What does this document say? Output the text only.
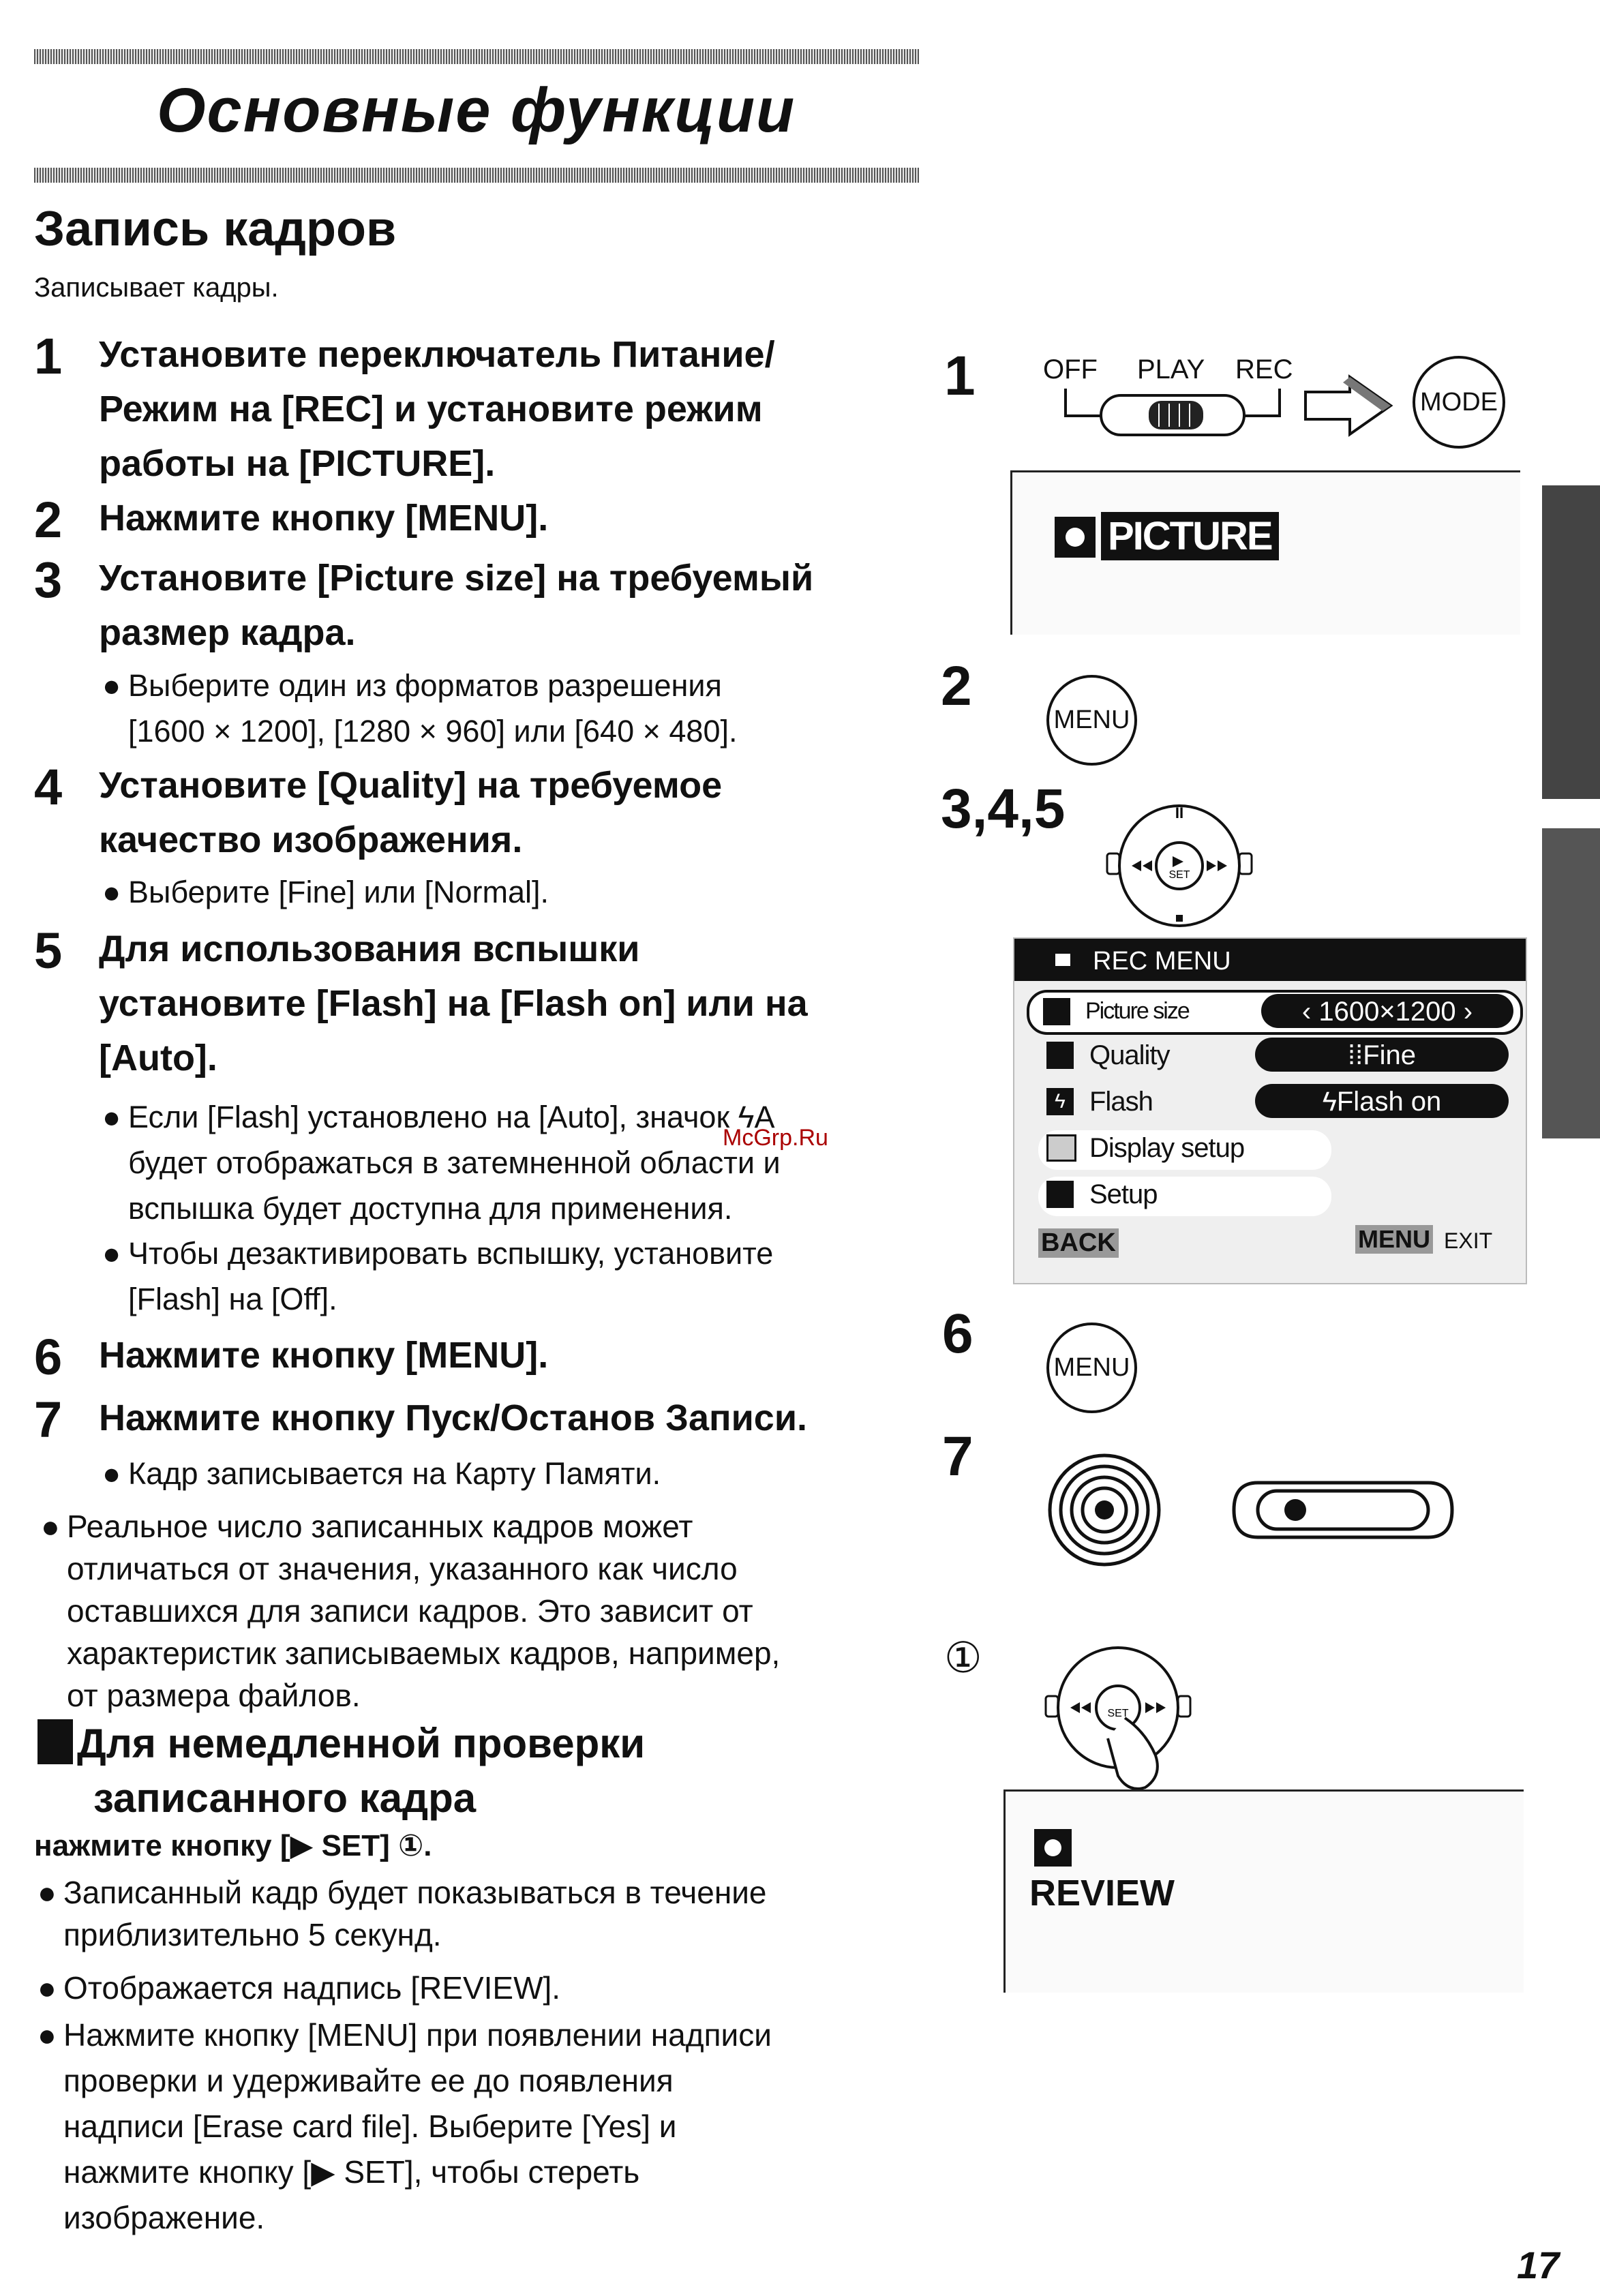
Основные функции
Запись кадров
Записывает кадры.
1 Установите переключатель Питание/
Режим на [REC] и установите режим
работы на [PICTURE].
2 Нажмите кнопку [MENU].
3 Установите [Picture size] на требуемый
размер кадра.
● Выберите один из форматов разрешения
[1600 × 1200], [1280 × 960] или [640 × 480].
4 Установите [Quality] на требуемое
качество изображения.
● Выберите [Fine] или [Normal].
5 Для использования вспышки
установите [Flash] на [Flash on] или на
[Auto].
● Если [Flash] установлено на [Auto], значок ϟA
будет отображаться в затемненной области и
вспышка будет доступна для применения.
● Чтобы дезактивировать вспышку, установите
[Flash] на [Off].
6 Нажмите кнопку [MENU].
7 Нажмите кнопку Пуск/Останов Записи.
● Кадр записывается на Карту Памяти.
● Реальное число записанных кадров может
отличаться от значения, указанного как число
оставшихся для записи кадров. Это зависит от
характеристик записываемых кадров, например,
от размера файлов.
Для немедленной проверки
записанного кадра
нажмите кнопку [▶ SET] ①.
● Записанный кадр будет показываться в течение
приблизительно 5 секунд.
● Отображается надпись [REVIEW].
● Нажмите кнопку [MENU] при появлении надписи
проверки и удерживайте ее до появления
надписи [Erase card file]. Выберите [Yes] и
нажмите кнопку [▶ SET], чтобы стереть
изображение.
1 OFF PLAY REC
MODE
PICTURE
2
MENU
3,4,5
SET
II
REC MENU
Picture size	‹ 1600×1200 ›
Quality	⁞⁞Fine
ϟ Flash	ϟFlash on
Display setup
Setup
BACK	MENU EXIT
6
MENU
7
①
SET
REVIEW
McGrp.Ru
17
